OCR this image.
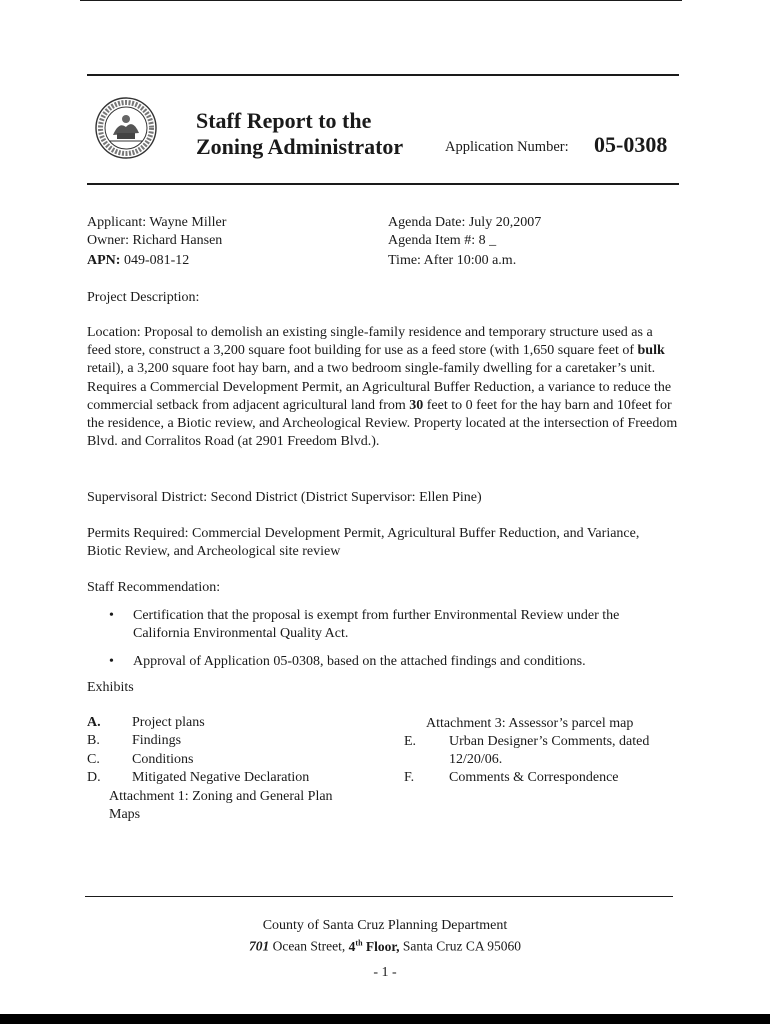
Staff Report to the
Zoning Administrator	Application Number: 05-0308
Applicant: Wayne Miller
Owner: Richard Hansen
APN: 049-081-12
Agenda Date: July 20,2007
Agenda Item #: 8 _
Time: After 10:00 a.m.
Project Description:
Location: Proposal to demolish an existing single-family residence and temporary structure used as a feed store, construct a 3,200 square foot building for use as a feed store (with 1,650 square feet of bulk retail), a 3,200 square foot hay barn, and a two bedroom single-family dwelling for a caretaker’s unit. Requires a Commercial Development Permit, an Agricultural Buffer Reduction, a variance to reduce the commercial setback from adjacent agricultural land from 30 feet to 0 feet for the hay barn and 10feet for the residence, a Biotic review, and Archeological Review. Property located at the intersection of Freedom Blvd. and Corralitos Road (at 2901 Freedom Blvd.).
Supervisoral District: Second District (District Supervisor: Ellen Pine)
Permits Required: Commercial Development Permit, Agricultural Buffer Reduction, and Variance, Biotic Review, and Archeological site review
Staff Recommendation:
• Certification that the proposal is exempt from further Environmental Review under the California Environmental Quality Act.
• Approval of Application 05-0308, based on the attached findings and conditions.
Exhibits
A. Project plans
B. Findings
C. Conditions
D. Mitigated Negative Declaration
Attachment 1: Zoning and General Plan
Maps
Attachment 3: Assessor’s parcel map
E. Urban Designer’s Comments, dated
12/20/06.
F. Comments & Correspondence
County of Santa Cruz Planning Department
701 Ocean Street, 4th Floor, Santa Cruz CA 95060
- 1 -
